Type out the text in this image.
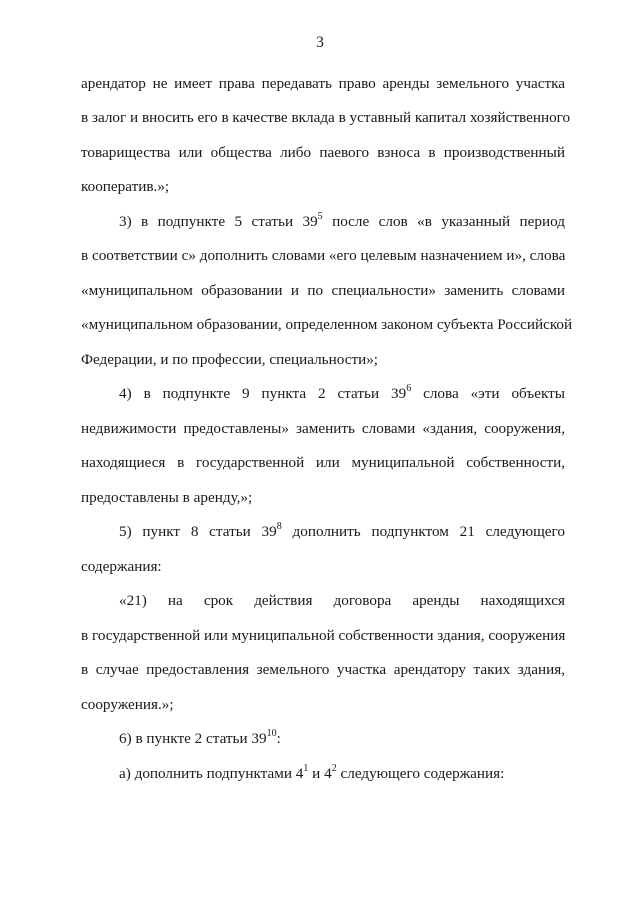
3
арендатор не имеет права передавать право аренды земельного участка
в залог и вносить его в качестве вклада в уставный капитал хозяйственного
товарищества или общества либо паевого взноса в производственный
кооператив.»;
3) в подпункте 5 статьи $39^5$ после слов «в указанный период
в соответствии с» дополнить словами «его целевым назначением и», слова
«муниципальном образовании и по специальности» заменить словами
«муниципальном образовании, определенном законом субъекта Российской
Федерации, и по профессии, специальности»;
4) в подпункте 9 пункта 2 статьи $39^6$ слова «эти объекты
недвижимости предоставлены» заменить словами «здания, сооружения,
находящиеся в государственной или муниципальной собственности,
предоставлены в аренду,»;
5) пункт 8 статьи $39^8$ дополнить подпунктом 21 следующего
содержания:
«21) на срок действия договора аренды находящихся
в государственной или муниципальной собственности здания, сооружения
в случае предоставления земельного участка арендатору таких здания,
сооружения.»;
6) в пункте 2 статьи $39^{10}$:
а) дополнить подпунктами $4^1$ и $4^2$ следующего содержания:
